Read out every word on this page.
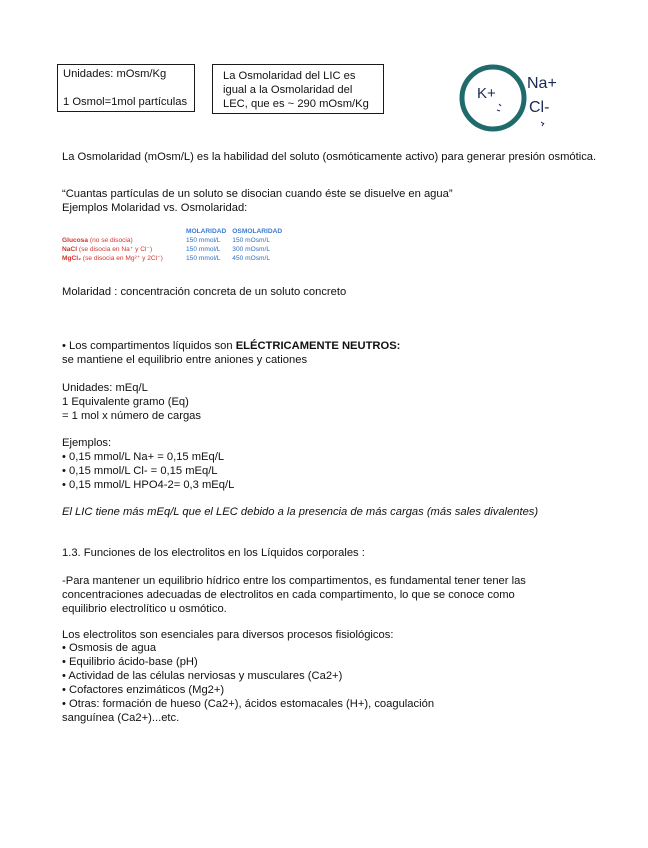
Unidades: mOsm/Kg
1 Osmol=1mol partículas
La Osmolaridad del LIC es
igual a la Osmolaridad del
LEC, que es ~ 290 mOsm/Kg
K+
Na+
Cl-
La Osmolaridad (mOsm/L) es la habilidad del soluto (osmóticamente activo) para generar presión osmótica.
“Cuantas partículas de un soluto se disocian cuando éste se disuelve en agua”
Ejemplos Molaridad vs. Osmolaridad:
	MOLARIDAD	OSMOLARIDAD
Glucosa (no se disocia)	150 mmol/L	150 mOsm/L
NaCl (se disocia en Na⁺ y Cl⁻)	150 mmol/L	300 mOsm/L
MgCl₂ (se disocia en Mg²⁺ y 2Cl⁻)	150 mmol/L	450 mOsm/L
Molaridad : concentración concreta de un soluto concreto
• Los compartimentos líquidos son ELÉCTRICAMENTE NEUTROS:
se mantiene el equilibrio entre aniones y cationes
Unidades: mEq/L
1 Equivalente gramo (Eq)
= 1 mol x número de cargas
Ejemplos:
• 0,15 mmol/L Na+ = 0,15 mEq/L
• 0,15 mmol/L Cl- = 0,15 mEq/L
• 0,15 mmol/L HPO4-2= 0,3 mEq/L
El LIC tiene más mEq/L que el LEC debido a la presencia de más cargas (más sales divalentes)
1.3. Funciones de los electrolitos en los Líquidos corporales :
-Para mantener un equilibrio hídrico entre los compartimentos, es fundamental tener tener las concentraciones adecuadas de electrolitos en cada compartimento, lo que se conoce como equilibrio electrolítico u osmótico.
Los electrolitos son esenciales para diversos procesos fisiológicos:
• Osmosis de agua
• Equilibrio ácido-base (pH)
• Actividad de las células nerviosas y musculares (Ca2+)
• Cofactores enzimáticos (Mg2+)
• Otras: formación de hueso (Ca2+), ácidos estomacales (H+), coagulación
sanguínea (Ca2+)...etc.
